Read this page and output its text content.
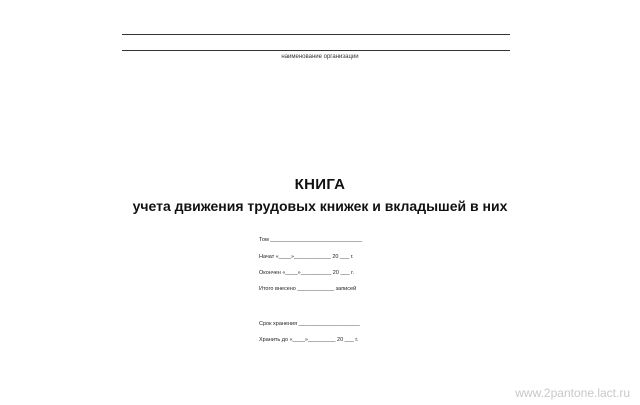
наименование организации
КНИГА
учета движения трудовых книжек и вкладышей в них
Том ______________________________
Начат «____»____________ 20 ___ г.
Окончен «____»__________ 20 ___ г.
Итого внесено ____________ записей
Срок хранения ____________________
Хранить до «____»_________ 20 ___ г.
www.2pantone.lact.ru
